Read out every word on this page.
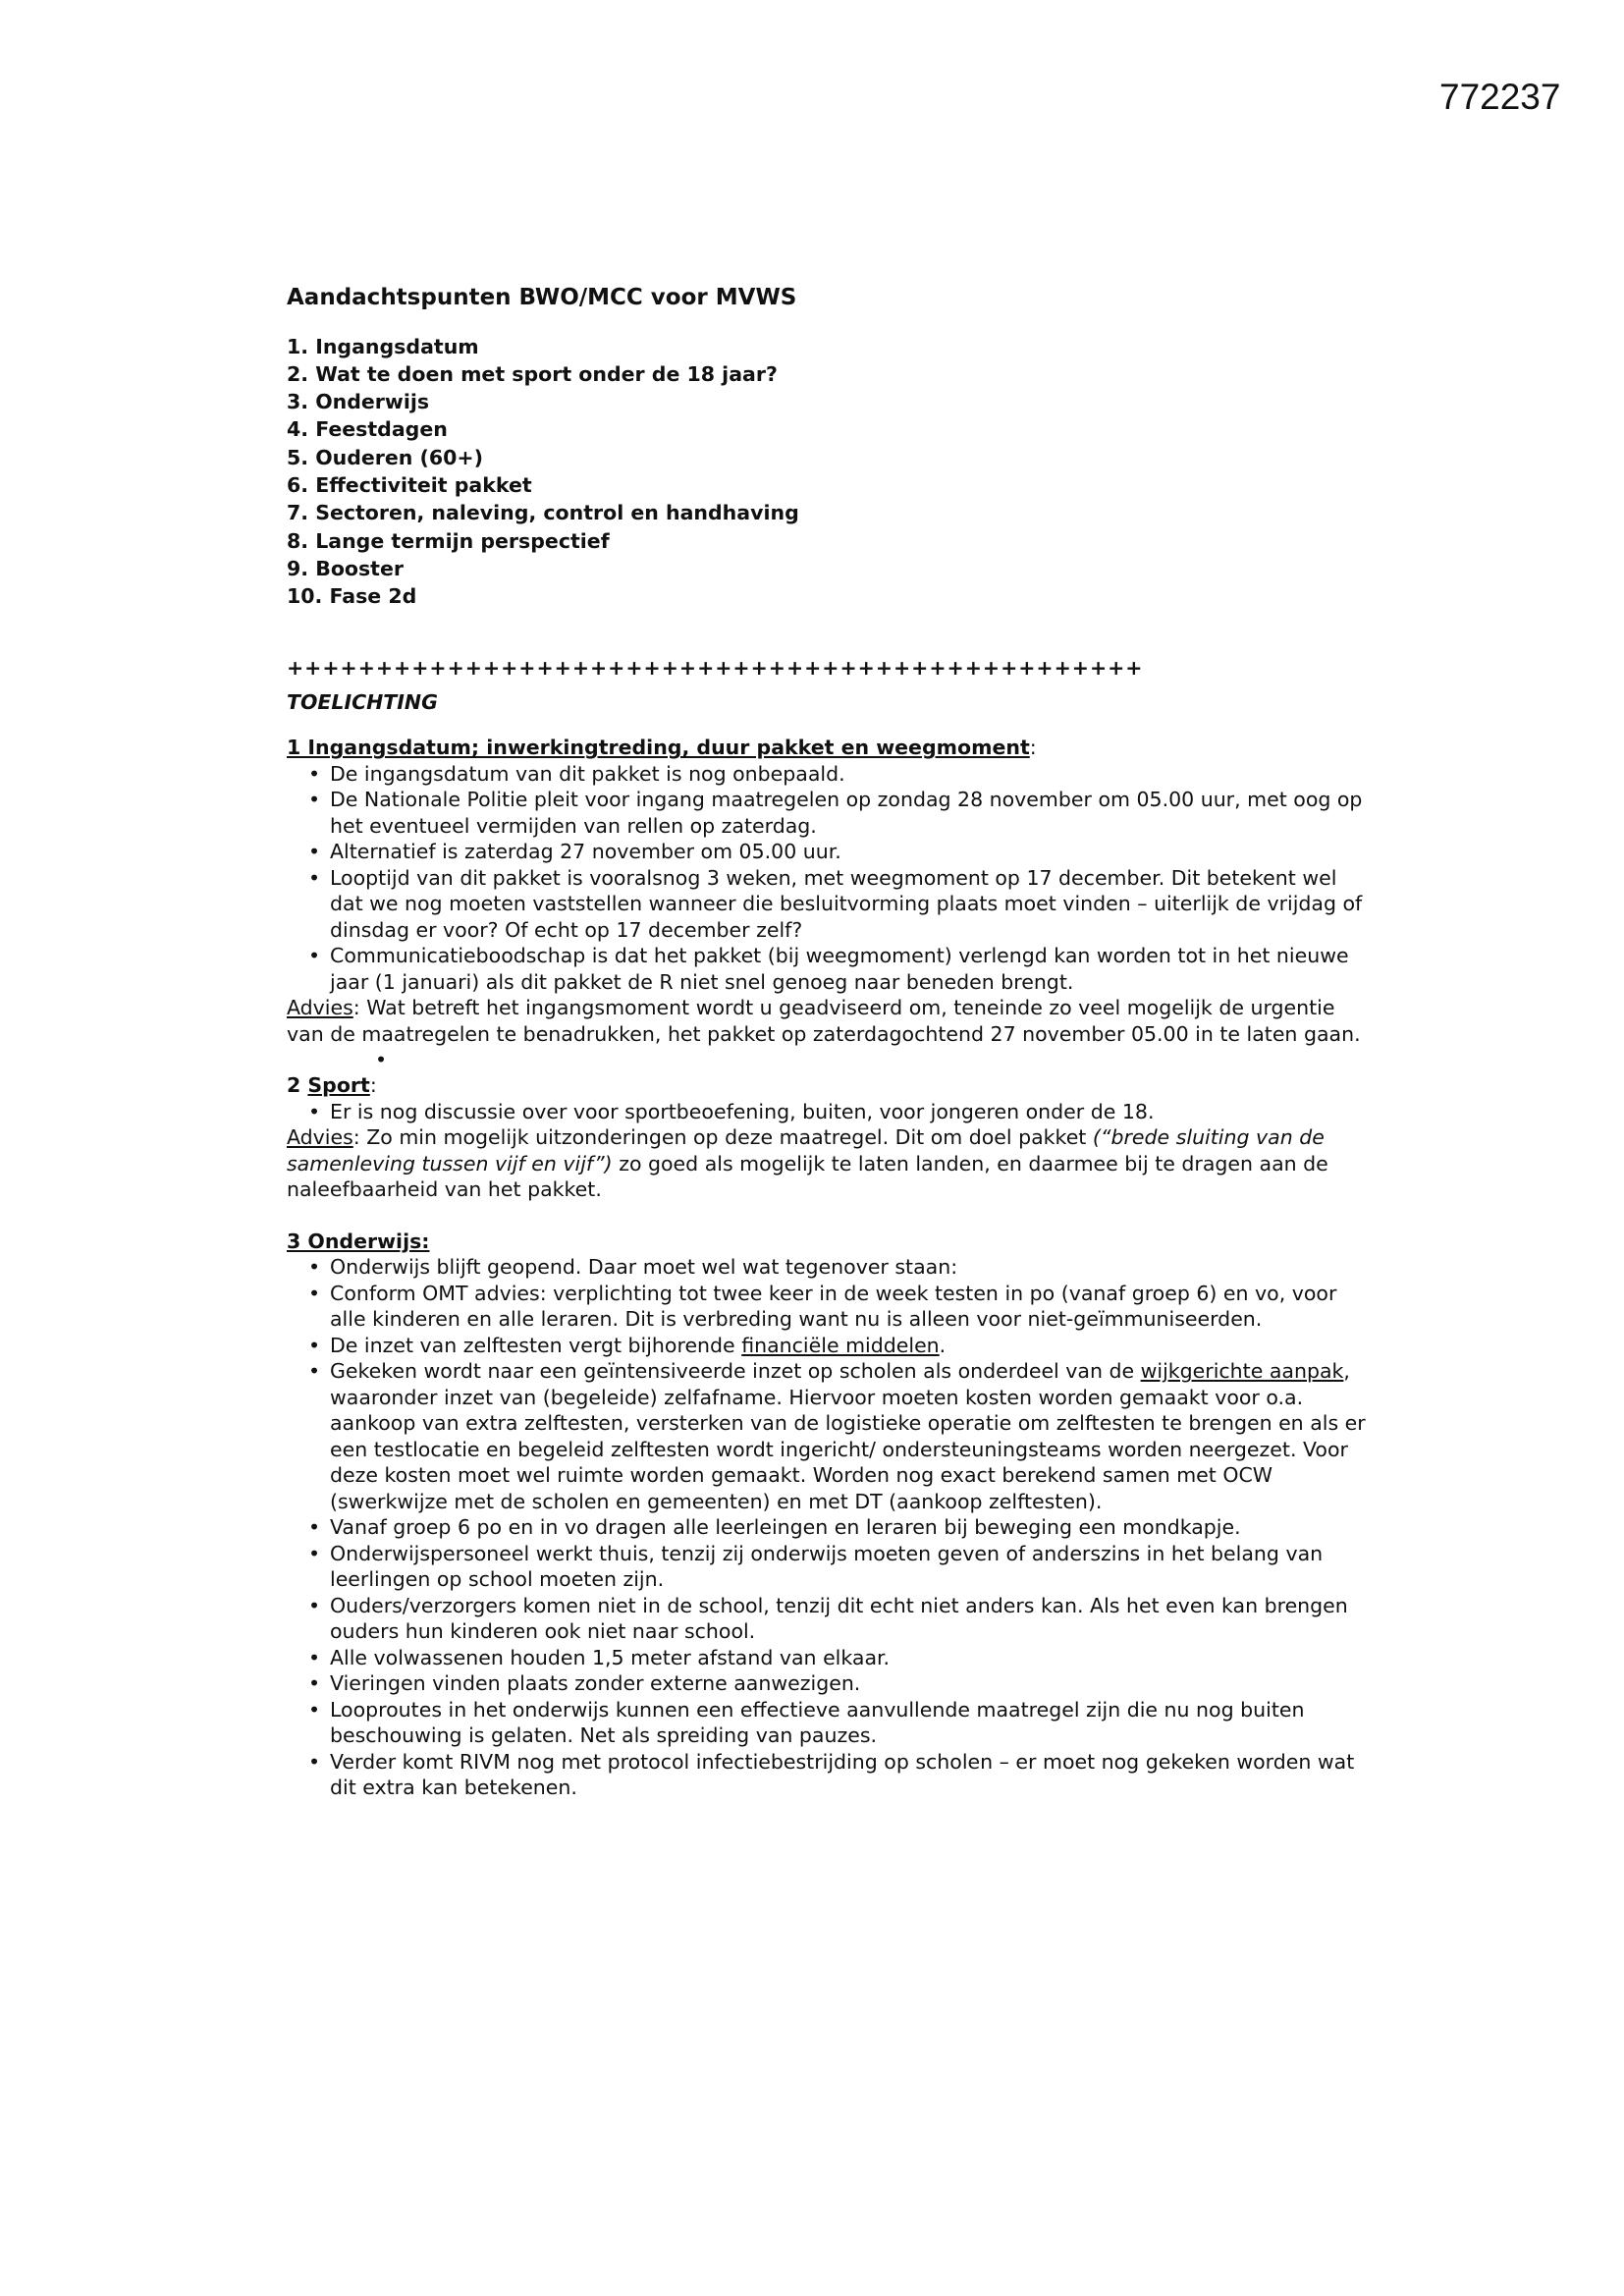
772237
Aandachtspunten BWO/MCC voor MVWS
1. Ingangsdatum
2. Wat te doen met sport onder de 18 jaar?
3. Onderwijs
4. Feestdagen
5. Ouderen (60+)
6. Effectiviteit pakket
7. Sectoren, naleving, control en handhaving
8. Lange termijn perspectief
9. Booster
10. Fase 2d
++++++++++++++++++++++++++++++++++++++++++++++++
TOELICHTING
1 Ingangsdatum; inwerkingtreding, duur pakket en weegmoment:
• De ingangsdatum van dit pakket is nog onbepaald.
• De Nationale Politie pleit voor ingang maatregelen op zondag 28 november om 05.00 uur, met oog op het eventueel vermijden van rellen op zaterdag.
• Alternatief is zaterdag 27 november om 05.00 uur.
• Looptijd van dit pakket is vooralsnog 3 weken, met weegmoment op 17 december. Dit betekent wel dat we nog moeten vaststellen wanneer die besluitvorming plaats moet vinden – uiterlijk de vrijdag of dinsdag er voor? Of echt op 17 december zelf?
• Communicatieboodschap is dat het pakket (bij weegmoment) verlengd kan worden tot in het nieuwe jaar (1 januari) als dit pakket de R niet snel genoeg naar beneden brengt.
Advies: Wat betreft het ingangsmoment wordt u geadviseerd om, teneinde zo veel mogelijk de urgentie van de maatregelen te benadrukken, het pakket op zaterdagochtend 27 november 05.00 in te laten gaan.
•
2 Sport:
• Er is nog discussie over voor sportbeoefening, buiten, voor jongeren onder de 18.
Advies: Zo min mogelijk uitzonderingen op deze maatregel. Dit om doel pakket (“brede sluiting van de samenleving tussen vijf en vijf”) zo goed als mogelijk te laten landen, en daarmee bij te dragen aan de naleefbaarheid van het pakket.
3 Onderwijs:
• Onderwijs blijft geopend. Daar moet wel wat tegenover staan:
• Conform OMT advies: verplichting tot twee keer in de week testen in po (vanaf groep 6) en vo, voor alle kinderen en alle leraren. Dit is verbreding want nu is alleen voor niet-geïmmuniseerden.
• De inzet van zelftesten vergt bijhorende financiële middelen.
• Gekeken wordt naar een geïntensiveerde inzet op scholen als onderdeel van de wijkgerichte aanpak, waaronder inzet van (begeleide) zelfafname. Hiervoor moeten kosten worden gemaakt voor o.a. aankoop van extra zelftesten, versterken van de logistieke operatie om zelftesten te brengen en als er een testlocatie en begeleid zelftesten wordt ingericht/ ondersteuningsteams worden neergezet. Voor deze kosten moet wel ruimte worden gemaakt. Worden nog exact berekend samen met OCW (swerkwijze met de scholen en gemeenten) en met DT (aankoop zelftesten).
• Vanaf groep 6 po en in vo dragen alle leerleingen en leraren bij beweging een mondkapje.
• Onderwijspersoneel werkt thuis, tenzij zij onderwijs moeten geven of anderszins in het belang van leerlingen op school moeten zijn.
• Ouders/verzorgers komen niet in de school, tenzij dit echt niet anders kan. Als het even kan brengen ouders hun kinderen ook niet naar school.
• Alle volwassenen houden 1,5 meter afstand van elkaar.
• Vieringen vinden plaats zonder externe aanwezigen.
• Looproutes in het onderwijs kunnen een effectieve aanvullende maatregel zijn die nu nog buiten beschouwing is gelaten. Net als spreiding van pauzes.
• Verder komt RIVM nog met protocol infectiebestrijding op scholen – er moet nog gekeken worden wat dit extra kan betekenen.
